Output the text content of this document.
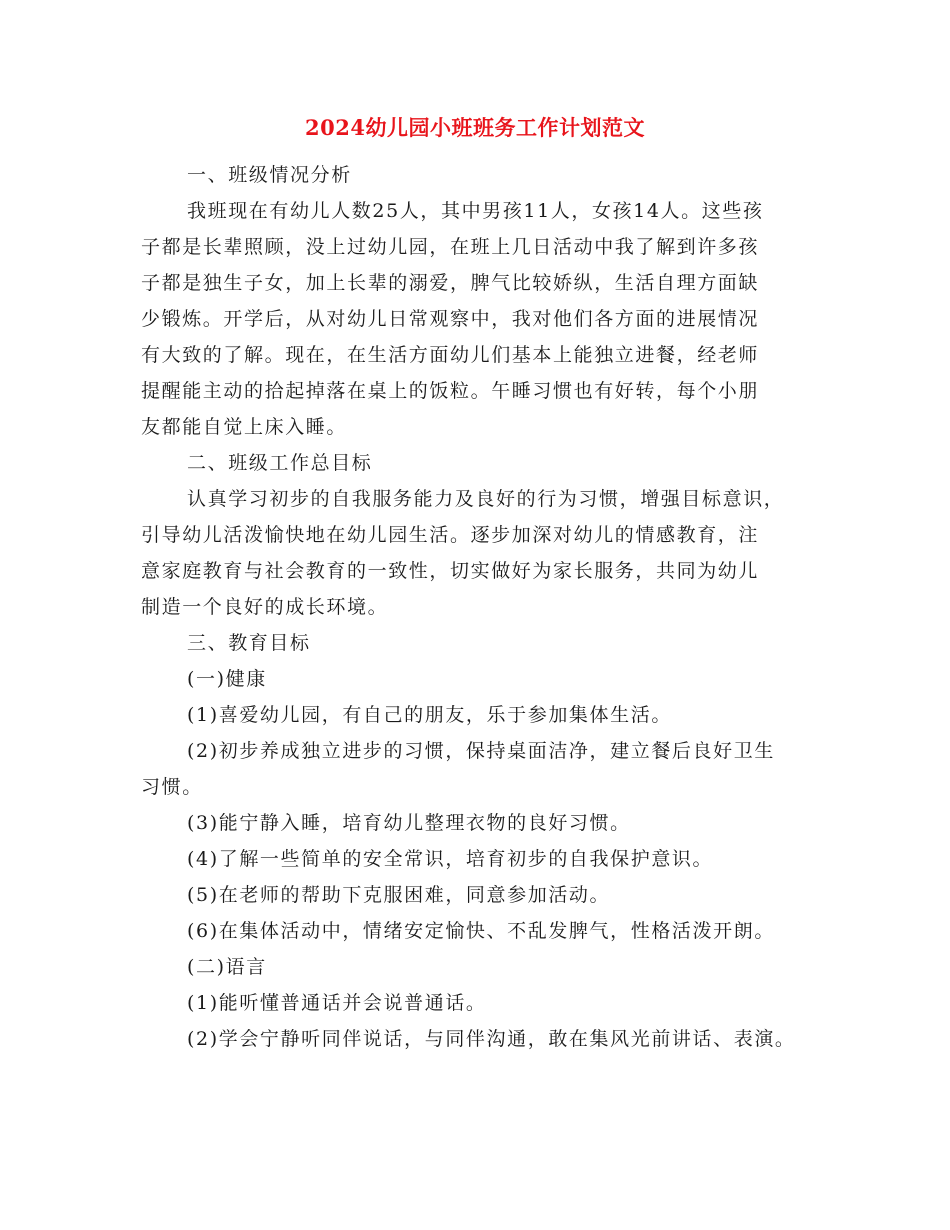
2024幼儿园小班班务工作计划范文
一、班级情况分析
我班现在有幼儿人数25人，其中男孩11人，女孩14人。这些孩
子都是长辈照顾，没上过幼儿园，在班上几日活动中我了解到许多孩
子都是独生子女，加上长辈的溺爱，脾气比较娇纵，生活自理方面缺
少锻炼。开学后，从对幼儿日常观察中，我对他们各方面的进展情况
有大致的了解。现在，在生活方面幼儿们基本上能独立进餐，经老师
提醒能主动的拾起掉落在桌上的饭粒。午睡习惯也有好转，每个小朋
友都能自觉上床入睡。
二、班级工作总目标
认真学习初步的自我服务能力及良好的行为习惯，增强目标意识，
引导幼儿活泼愉快地在幼儿园生活。逐步加深对幼儿的情感教育，注
意家庭教育与社会教育的一致性，切实做好为家长服务，共同为幼儿
制造一个良好的成长环境。
三、教育目标
(一)健康
(1)喜爱幼儿园，有自己的朋友，乐于参加集体生活。
(2)初步养成独立进步的习惯，保持桌面洁净，建立餐后良好卫生
习惯。
(3)能宁静入睡，培育幼儿整理衣物的良好习惯。
(4)了解一些简单的安全常识，培育初步的自我保护意识。
(5)在老师的帮助下克服困难，同意参加活动。
(6)在集体活动中，情绪安定愉快、不乱发脾气，性格活泼开朗。
(二)语言
(1)能听懂普通话并会说普通话。
(2)学会宁静听同伴说话，与同伴沟通，敢在集风光前讲话、表演。
